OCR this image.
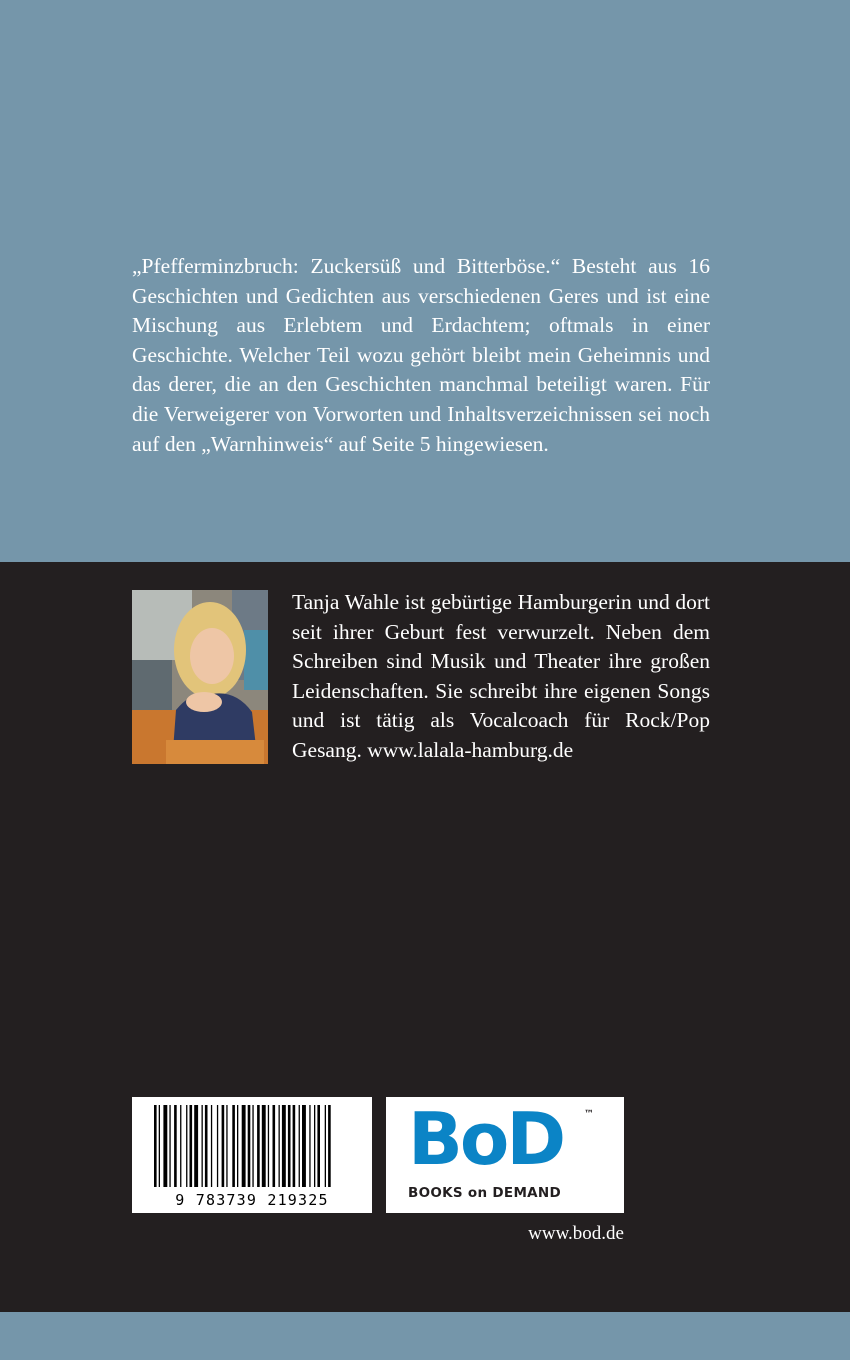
„Pfefferminzbruch: Zuckersüß und Bitterböse.“ Besteht aus 16 Geschichten und Gedichten aus verschiedenen Geres und ist eine Mischung aus Erlebtem und Erdachtem; oftmals in einer Geschichte. Welcher Teil wozu gehört bleibt mein Geheimnis und das derer, die an den Geschichten manchmal beteiligt waren. Für die Verweigerer von Vorworten und Inhaltsverzeichnissen sei noch auf den „Warnhinweis“ auf Seite 5 hingewiesen.

Tanja Wahle ist gebürtige Hamburgerin und dort seit ihrer Geburt fest verwurzelt. Neben dem Schreiben sind Musik und Theater ihre großen Leidenschaften. Sie schreibt ihre eigenen Songs und ist tätig als Vocalcoach für Rock/Pop Gesang. www.lalala-hamburg.de

9 783739 219325
BoD ™
BOOKS on DEMAND
www.bod.de
